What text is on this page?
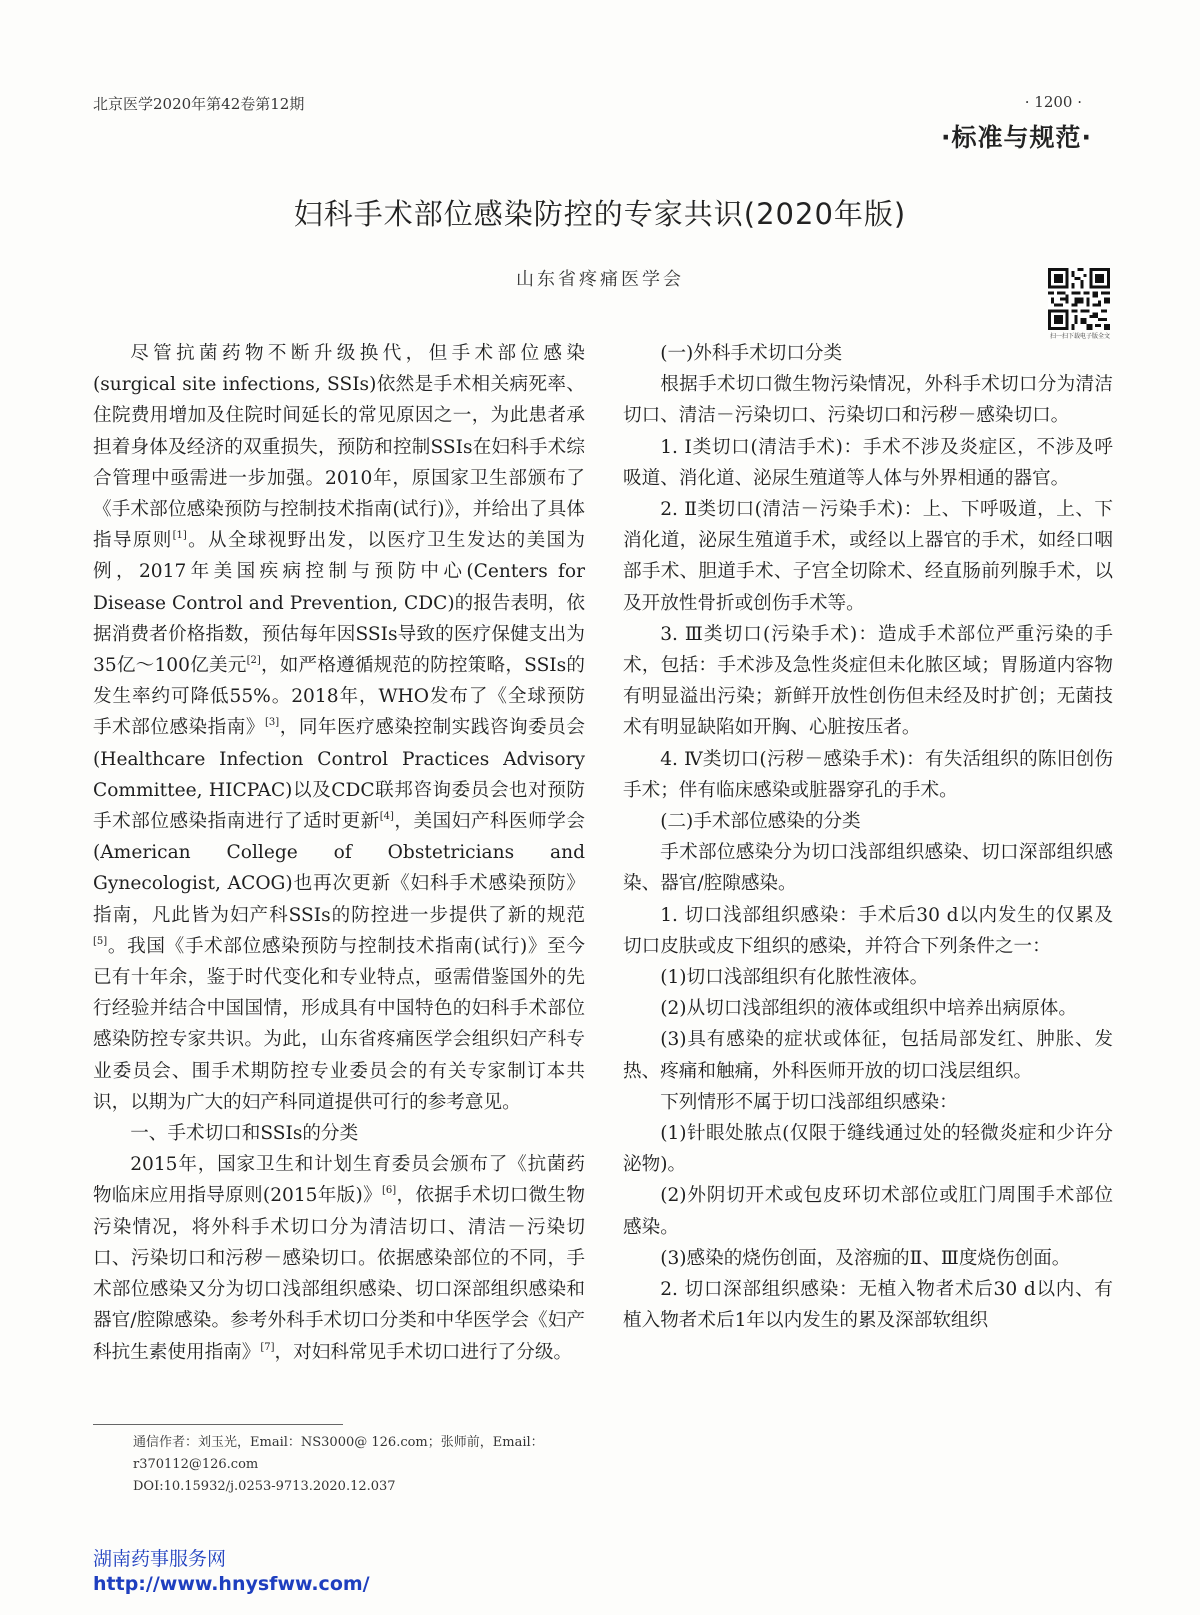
北京医学2020年第42卷第12期	· 1200 ·
·标准与规范·
妇科手术部位感染防控的专家共识(2020年版)
山东省疼痛医学会
扫一扫下载电子版全文

尽管抗菌药物不断升级换代，但手术部位感染(surgical site infections, SSIs)依然是手术相关病死率、住院费用增加及住院时间延长的常见原因之一，为此患者承担着身体及经济的双重损失，预防和控制SSIs在妇科手术综合管理中亟需进一步加强。2010年，原国家卫生部颁布了《手术部位感染预防与控制技术指南(试行)》，并给出了具体指导原则[1]。从全球视野出发，以医疗卫生发达的美国为例，2017年美国疾病控制与预防中心(Centers for Disease Control and Prevention, CDC)的报告表明，依据消费者价格指数，预估每年因SSIs导致的医疗保健支出为35亿～100亿美元[2]，如严格遵循规范的防控策略，SSIs的发生率约可降低55%。2018年，WHO发布了《全球预防手术部位感染指南》[3]，同年医疗感染控制实践咨询委员会(Healthcare Infection Control Practices Advisory Committee, HICPAC)以及CDC联邦咨询委员会也对预防手术部位感染指南进行了适时更新[4]，美国妇产科医师学会(American College of Obstetricians and Gynecologist, ACOG)也再次更新《妇科手术感染预防》指南，凡此皆为妇产科SSIs的防控进一步提供了新的规范[5]。我国《手术部位感染预防与控制技术指南(试行)》至今已有十年余，鉴于时代变化和专业特点，亟需借鉴国外的先行经验并结合中国国情，形成具有中国特色的妇科手术部位感染防控专家共识。为此，山东省疼痛医学会组织妇产科专业委员会、围手术期防控专业委员会的有关专家制订本共识，以期为广大的妇产科同道提供可行的参考意见。

一、手术切口和SSIs的分类

2015年，国家卫生和计划生育委员会颁布了《抗菌药物临床应用指导原则(2015年版)》[6]，依据手术切口微生物污染情况，将外科手术切口分为清洁切口、清洁－污染切口、污染切口和污秽－感染切口。依据感染部位的不同，手术部位感染又分为切口浅部组织感染、切口深部组织感染和器官/腔隙感染。参考外科手术切口分类和中华医学会《妇产科抗生素使用指南》[7]，对妇科常见手术切口进行了分级。

(一)外科手术切口分类

根据手术切口微生物污染情况，外科手术切口分为清洁切口、清洁－污染切口、污染切口和污秽－感染切口。

1. Ⅰ类切口(清洁手术)：手术不涉及炎症区，不涉及呼吸道、消化道、泌尿生殖道等人体与外界相通的器官。

2. Ⅱ类切口(清洁－污染手术)：上、下呼吸道，上、下消化道，泌尿生殖道手术，或经以上器官的手术，如经口咽部手术、胆道手术、子宫全切除术、经直肠前列腺手术，以及开放性骨折或创伤手术等。

3. Ⅲ类切口(污染手术)：造成手术部位严重污染的手术，包括：手术涉及急性炎症但未化脓区域；胃肠道内容物有明显溢出污染；新鲜开放性创伤但未经及时扩创；无菌技术有明显缺陷如开胸、心脏按压者。

4. Ⅳ类切口(污秽－感染手术)：有失活组织的陈旧创伤手术；伴有临床感染或脏器穿孔的手术。

(二)手术部位感染的分类

手术部位感染分为切口浅部组织感染、切口深部组织感染、器官/腔隙感染。

1. 切口浅部组织感染：手术后30 d以内发生的仅累及切口皮肤或皮下组织的感染，并符合下列条件之一：

(1)切口浅部组织有化脓性液体。

(2)从切口浅部组织的液体或组织中培养出病原体。

(3)具有感染的症状或体征，包括局部发红、肿胀、发热、疼痛和触痛，外科医师开放的切口浅层组织。

下列情形不属于切口浅部组织感染：

(1)针眼处脓点(仅限于缝线通过处的轻微炎症和少许分泌物)。

(2)外阴切开术或包皮环切术部位或肛门周围手术部位感染。

(3)感染的烧伤创面，及溶痂的Ⅱ、Ⅲ度烧伤创面。

2. 切口深部组织感染：无植入物者术后30 d以内、有植入物者术后1年以内发生的累及深部软组织

通信作者：刘玉光，Email：NS3000@ 126.com；张师前，Email：
r370112@126.com
DOI:10.15932/j.0253-9713.2020.12.037
湖南药事服务网
http://www.hnysfww.com/
